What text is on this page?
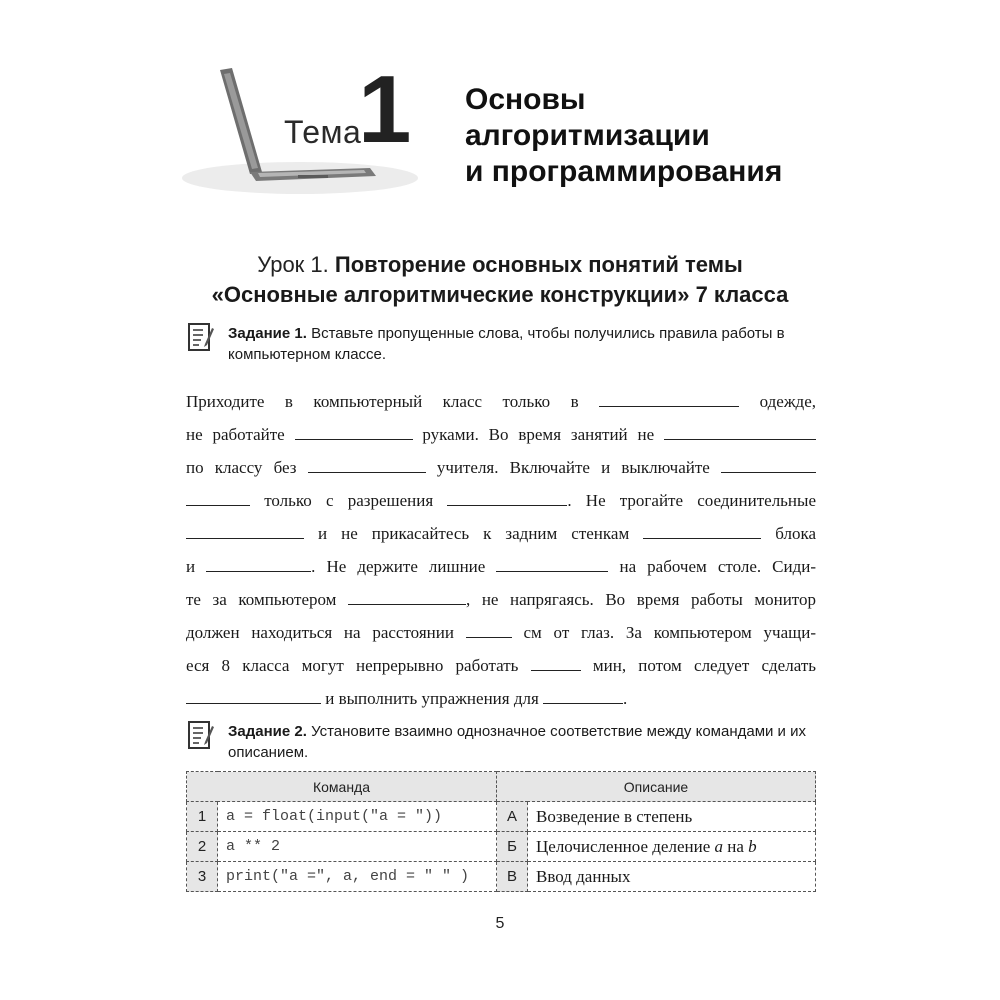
Тема
1 Основы
алгоритмизации
и программирования
Урок 1. Повторение основных понятий темы
«Основные алгоритмические конструкции» 7 класса
Задание 1. Вставьте пропущенные слова, чтобы получились правила работы в компьютерном классе.
Приходите в компьютерный класс только в	одежде,
не работайте	руками. Во время занятий не
по классу без	учителя. Включайте и выключайте
только с разрешения	. Не трогайте соединительные
и не прикасайтесь к задним стенкам	блока
и	. Не держите лишние	на рабочем столе. Сиди-
те за компьютером	, не напрягаясь. Во время работы монитор
должен находиться на расстоянии	см от глаз. За компьютером учащи-
еся 8 класса могут непрерывно работать	мин, потом следует сделать
и выполнить упражнения для	.
Задание 2. Установите взаимно однозначное соответствие между командами и их описанием.
Команда		Описание	
1	a = float(input("a = "))	А	Возведение в степень
2	a ** 2	Б	Целочисленное деление a на b
3	print("a =", a, end = " " )	В	Ввод данных
5
